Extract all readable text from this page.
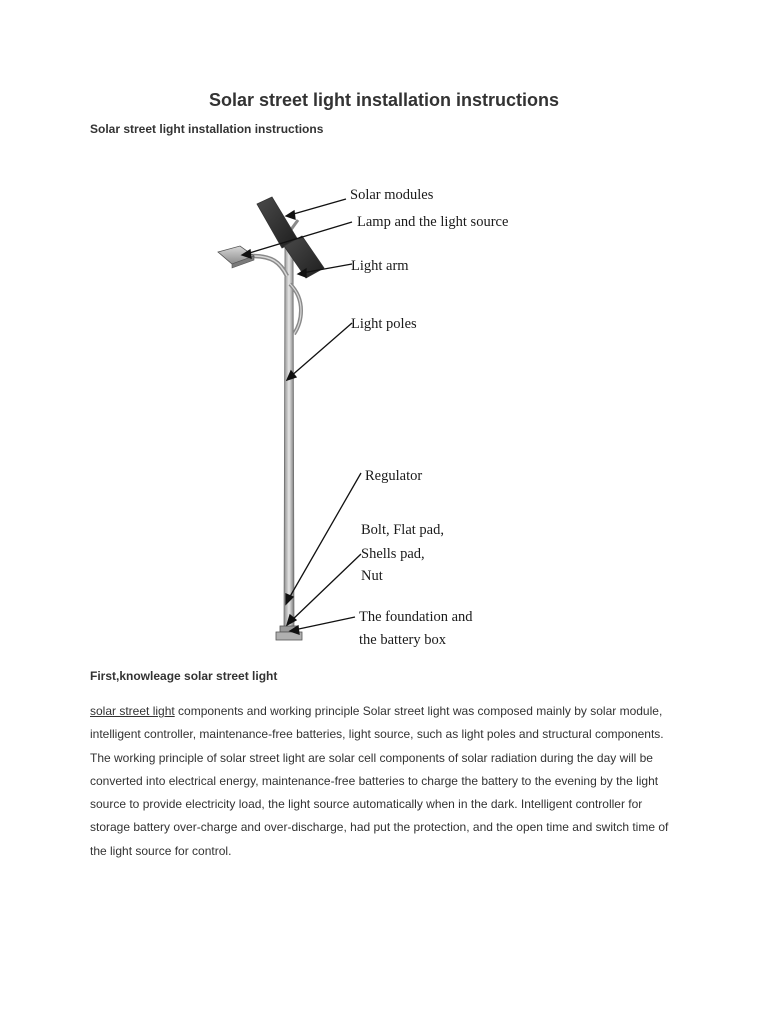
Solar street light installation instructions

Solar street light installation instructions

Solar modules
Lamp and the light source
Light arm
Light poles
Regulator
Bolt, Flat pad,
Shells pad,
Nut
The foundation and
the battery box

First,knowleage solar street light

solar street light components and working principle Solar street light was composed mainly by solar module, intelligent controller, maintenance-free batteries, light source, such as light poles and structural components. The working principle of solar street light are solar cell components of solar radiation during the day will be converted into electrical energy, maintenance-free batteries to charge the battery to the evening by the light source to provide electricity load, the light source automatically when in the dark. Intelligent controller for storage battery over-charge and over-discharge, had put the protection, and the open time and switch time of the light source for control.
